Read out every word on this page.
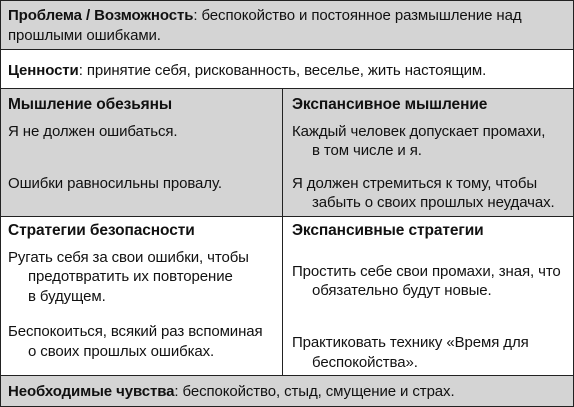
Проблема / Возможность: беспокойство и постоянное размышление над
прошлыми ошибками.
Ценности: принятие себя, рискованность, веселье, жить настоящим.
Мышление обезьяны	Экспансивное мышление
Я не должен ошибаться.
Ошибки равносильны провалу.
Каждый человек допускает промахи,
в том числе и я.
Я должен стремиться к тому, чтобы
забыть о своих прошлых неудачах.
Стратегии безопасности	Экспансивные стратегии
Ругать себя за свои ошибки, чтобы
предотвратить их повторение
в будущем.
Беспокоиться, всякий раз вспоминая
о своих прошлых ошибках.
Простить себе свои промахи, зная, что
обязательно будут новые.
Практиковать технику «Время для
беспокойства».
Необходимые чувства: беспокойство, стыд, смущение и страх.
